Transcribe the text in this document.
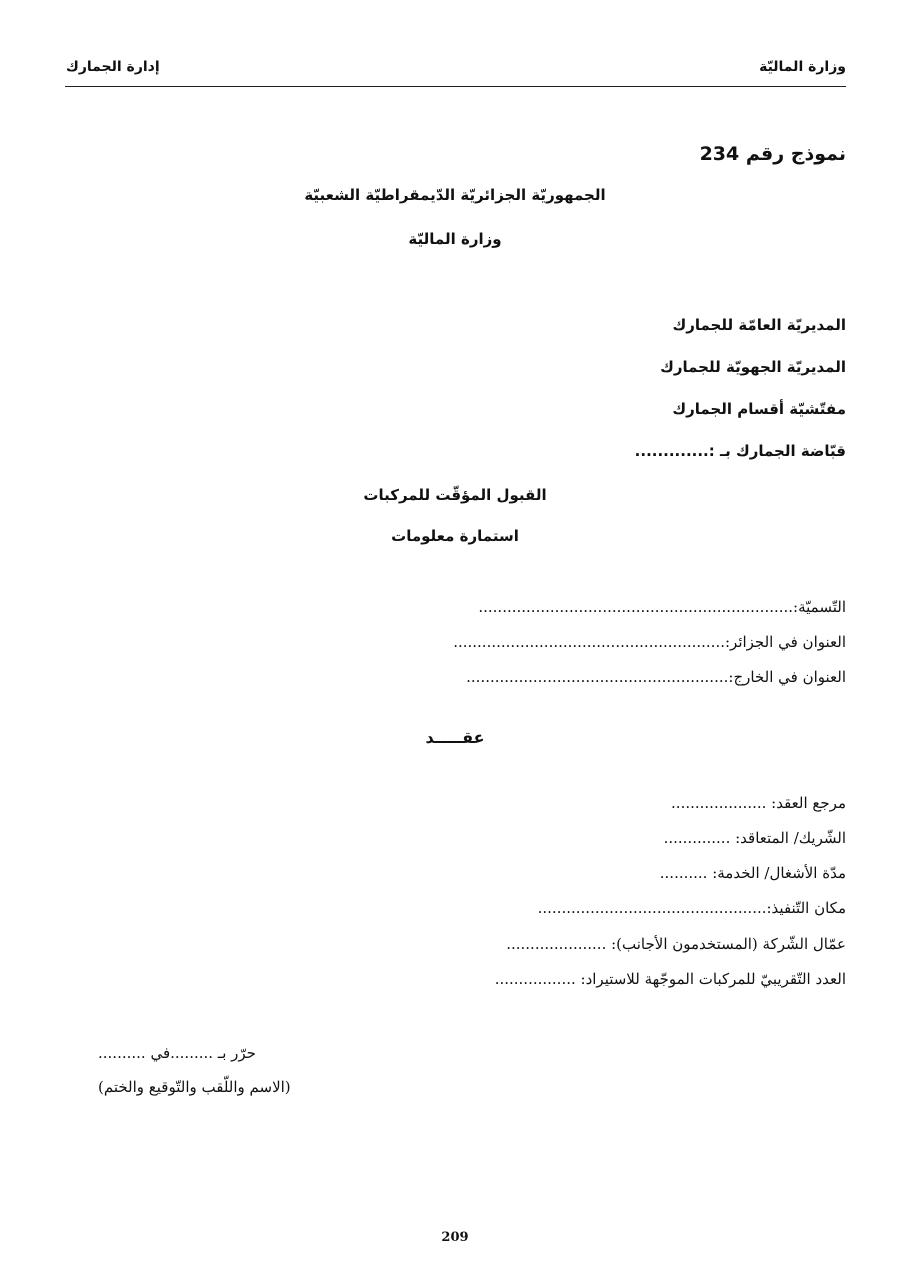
وزارة الماليّة
إدارة الجمارك
نموذج رقم 234
الجمهوريّة الجزائريّة الدّيمقراطيّة الشعبيّة
وزارة الماليّة
المديريّة العامّة للجمارك
المديريّة الجهويّة للجمارك
مفتّشيّة أقسام الجمارك
قبّاضة الجمارك بـ :.............
القبول المؤقّت للمركبات
استمارة معلومات
التّسميّة:..................................................................
العنوان في الجزائر:.........................................................
العنوان في الخارج:.......................................................
عقـــــد
مرجع العقد: ....................
الشّريك/ المتعاقد: ..............
مدّة الأشغال/ الخدمة: ..........
مكان التّنفيذ:................................................
عمّال الشّركة (المستخدمون الأجانب): .....................
العدد التّقريبيّ للمركبات الموجّهة للاستيراد: .................
حرّر بـ .........في ..........
(الاسم واللّقب والتّوقيع والختم)
209
